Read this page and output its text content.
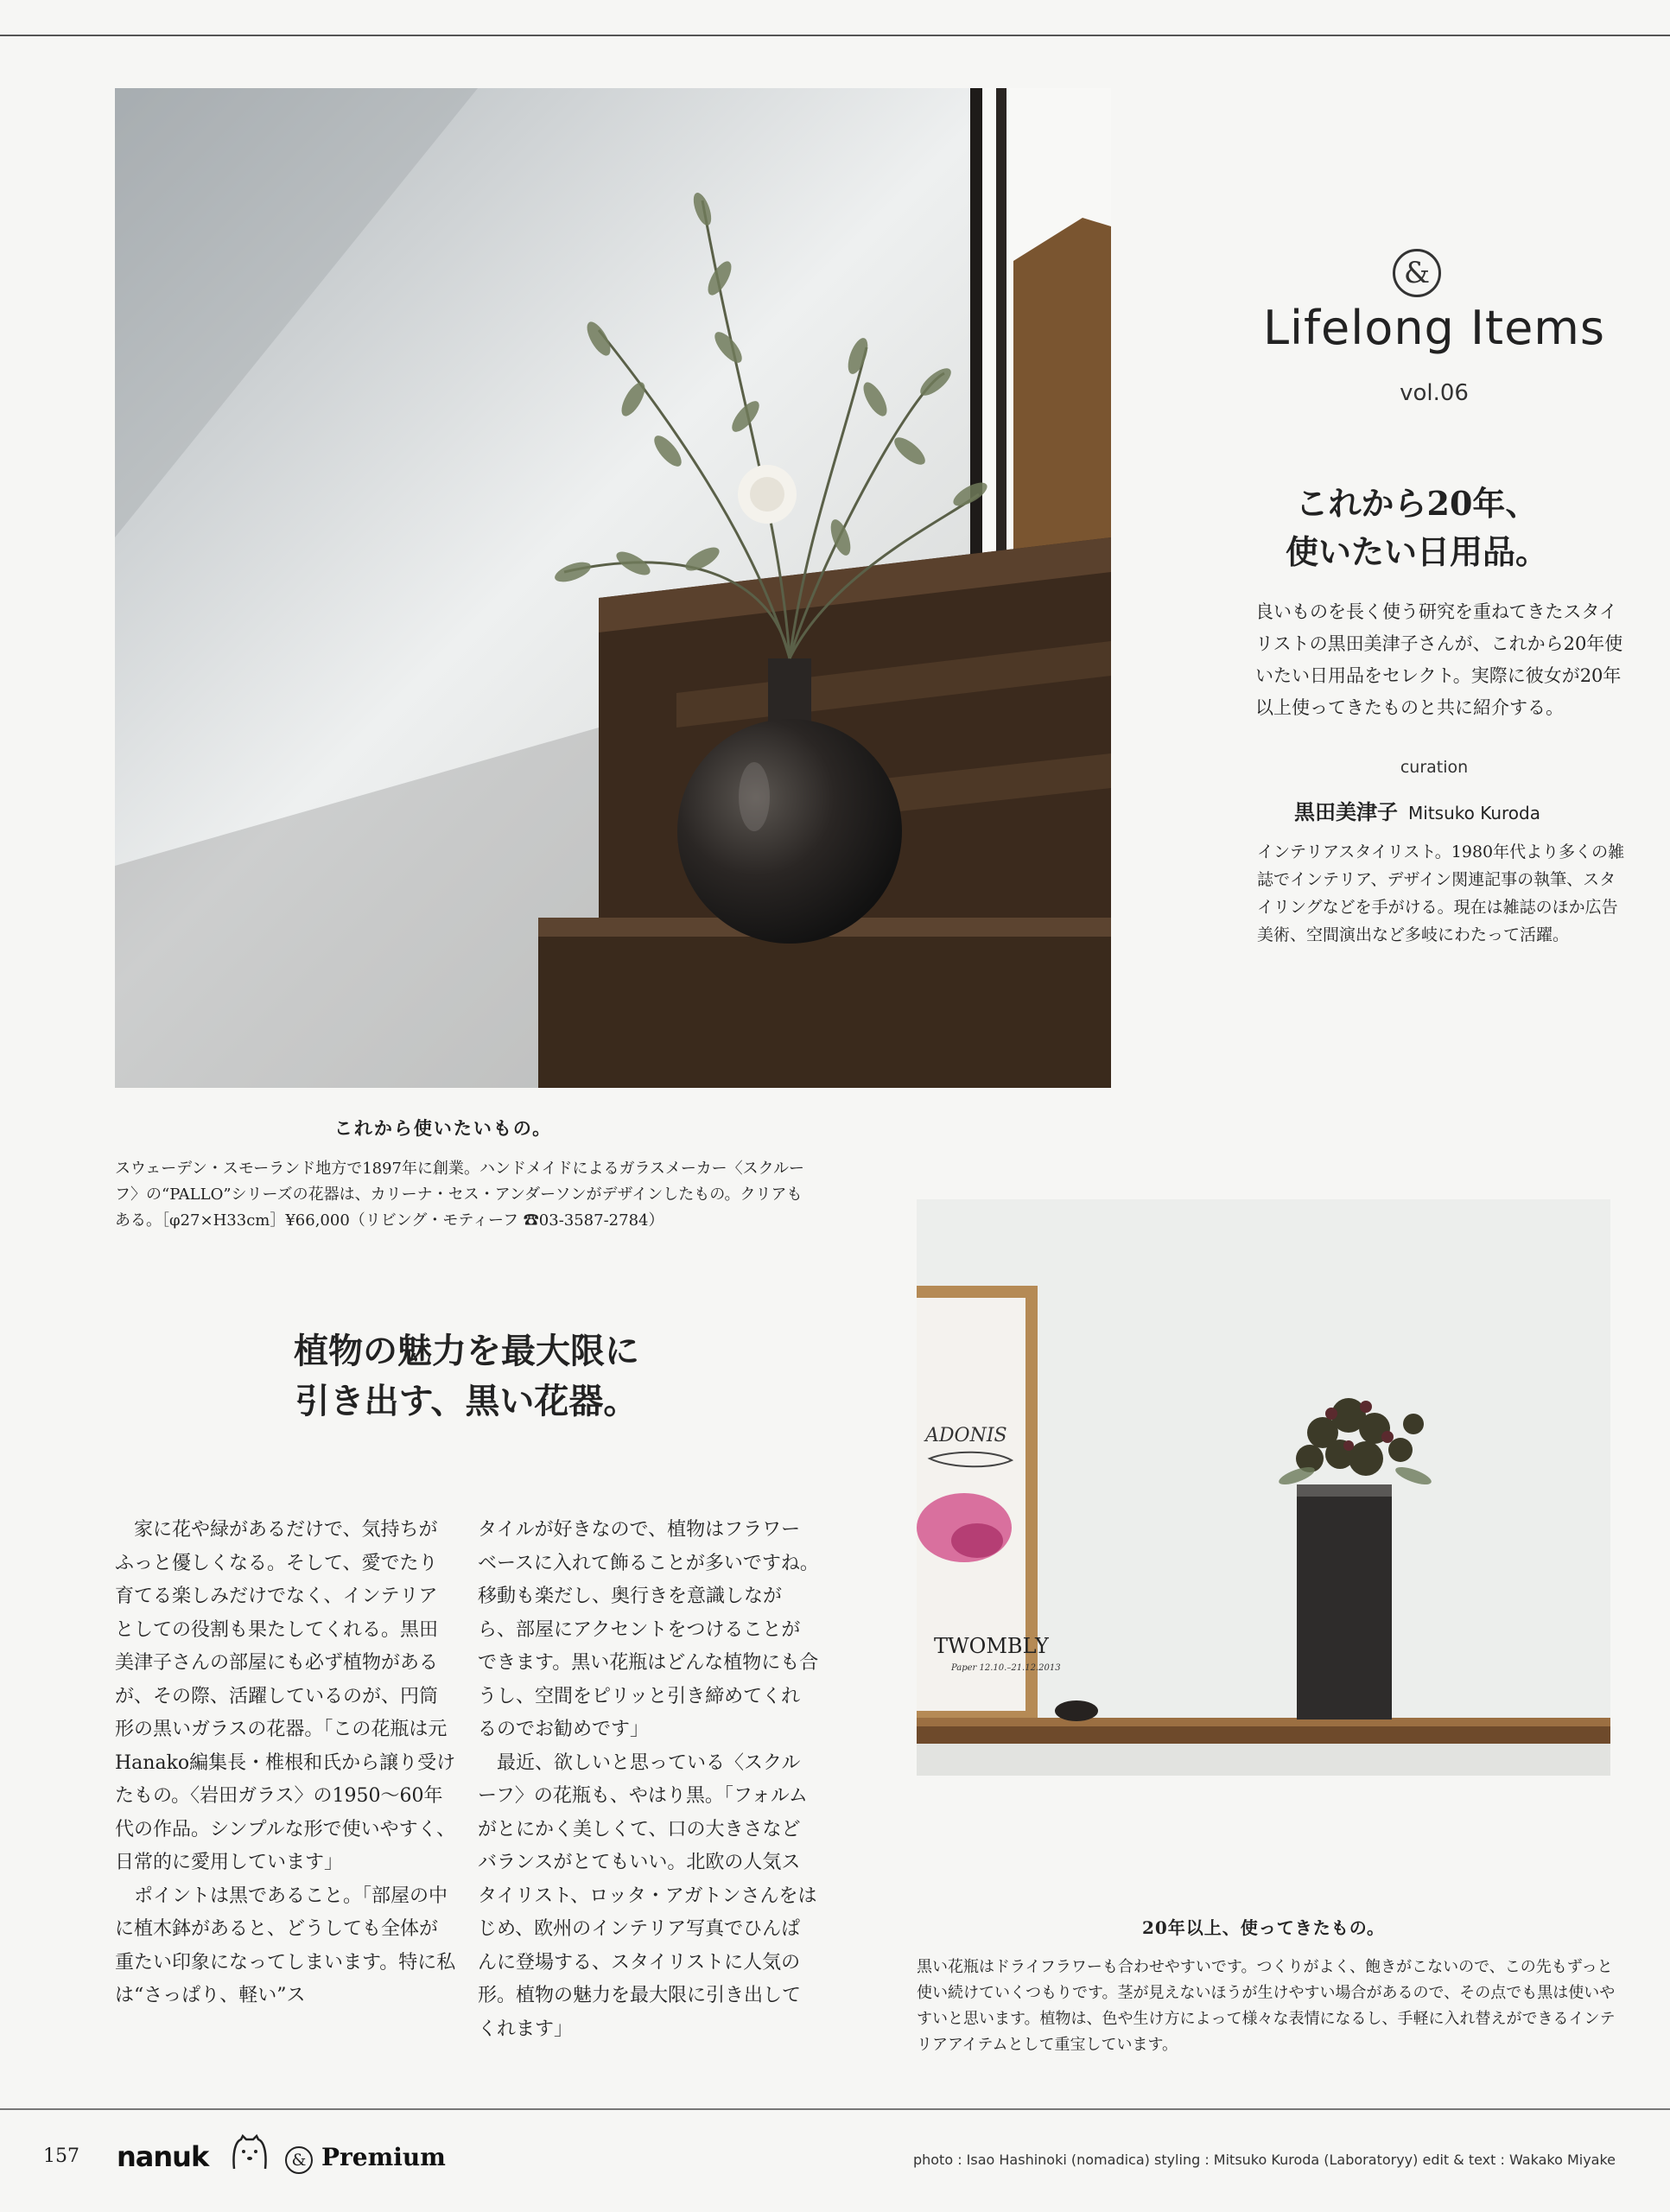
&
Lifelong Items
vol.06
これから20年、
使いたい日用品。
良いものを長く使う研究を重ねてきたスタイリストの黒田美津子さんが、これから20年使いたい日用品をセレクト。実際に彼女が20年以上使ってきたものと共に紹介する。
curation
黒田美津子 Mitsuko Kuroda
インテリアスタイリスト。1980年代より多くの雑誌でインテリア、デザイン関連記事の執筆、スタイリングなどを手がける。現在は雑誌のほか広告美術、空間演出など多岐にわたって活躍。
これから使いたいもの。
スウェーデン・スモーランド地方で1897年に創業。ハンドメイドによるガラスメーカー〈スクルーフ〉の“PALLO”シリーズの花器は、カリーナ・セス・アンダーソンがデザインしたもの。クリアもある。［φ27×H33cm］¥66,000（リビング・モティーフ ☎03-3587-2784）
植物の魅力を最大限に
引き出す、黒い花器。
　家に花や緑があるだけで、気持ちがふっと優しくなる。そして、愛でたり育てる楽しみだけでなく、インテリアとしての役割も果たしてくれる。黒田美津子さんの部屋にも必ず植物があるが、その際、活躍しているのが、円筒形の黒いガラスの花器。「この花瓶は元Hanako編集長・椎根和氏から譲り受けたもの。〈岩田ガラス〉の1950〜60年代の作品。シンプルな形で使いやすく、日常的に愛用しています」
　ポイントは黒であること。「部屋の中に植木鉢があると、どうしても全体が重たい印象になってしまいます。特に私は“さっぱり、軽い”ス
タイルが好きなので、植物はフラワーベースに入れて飾ることが多いですね。移動も楽だし、奥行きを意識しながら、部屋にアクセントをつけることができます。黒い花瓶はどんな植物にも合うし、空間をピリッと引き締めてくれるのでお勧めです」
　最近、欲しいと思っている〈スクルーフ〉の花瓶も、やはり黒。「フォルムがとにかく美しくて、口の大きさなどバランスがとてもいい。北欧の人気スタイリスト、ロッタ・アガトンさんをはじめ、欧州のインテリア写真でひんぱんに登場する、スタイリストに人気の形。植物の魅力を最大限に引き出してくれます」
ADONIS
TWOMBLY
Paper 12.10.–21.12.2013
20年以上、使ってきたもの。
黒い花瓶はドライフラワーも合わせやすいです。つくりがよく、飽きがこないので、この先もずっと使い続けていくつもりです。茎が見えないほうが生けやすい場合があるので、その点でも黒は使いやすいと思います。植物は、色や生け方によって様々な表情になるし、手軽に入れ替えができるインテリアアイテムとして重宝しています。
157 nanuk	& Premium	photo : Isao Hashinoki (nomadica) styling : Mitsuko Kuroda (Laboratoryy) edit & text : Wakako Miyake
